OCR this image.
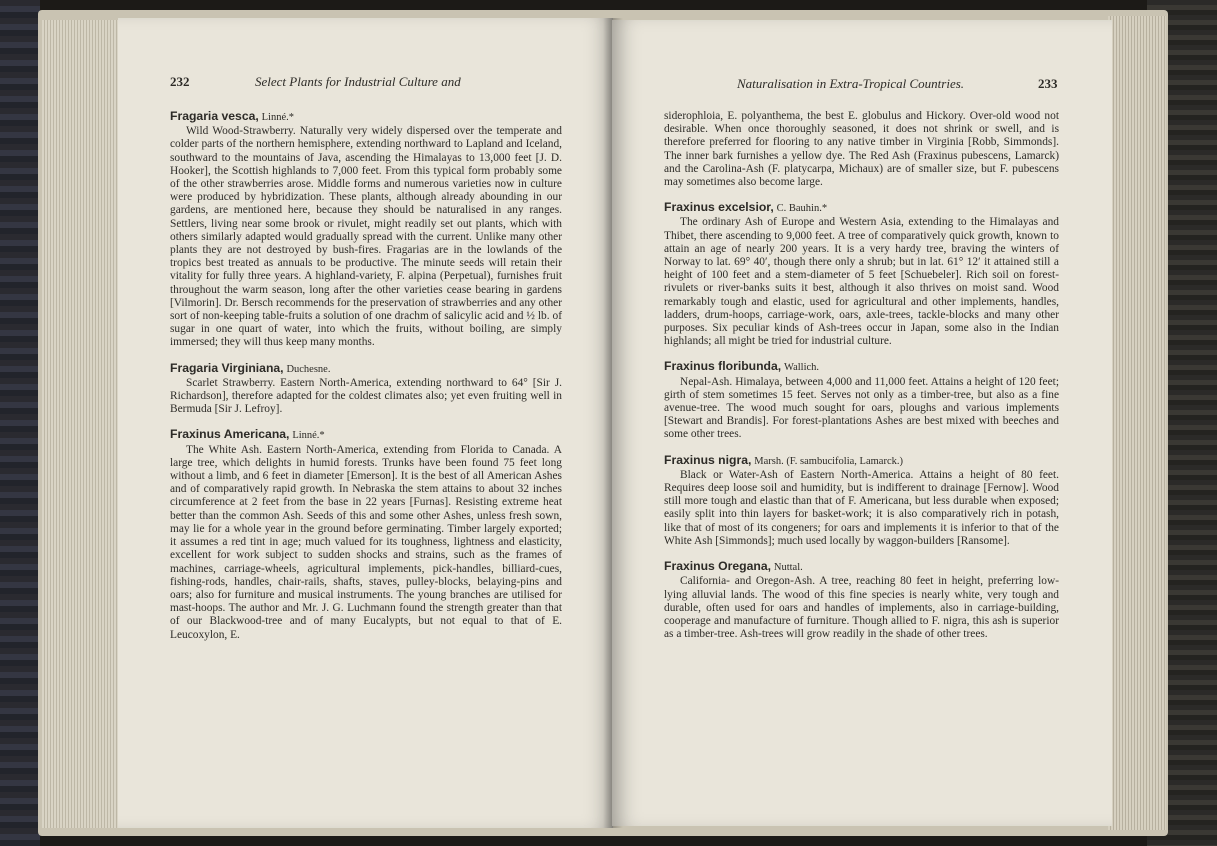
232	Select Plants for Industrial Culture and
Fragaria vesca, Linné.*

Wild Wood-Strawberry. Naturally very widely dispersed over the temperate and colder parts of the northern hemisphere, extending northward to Lapland and Iceland, southward to the mountains of Java, ascending the Himalayas to 13,000 feet [J. D. Hooker], the Scottish highlands to 7,000 feet. From this typical form probably some of the other strawberries arose. Middle forms and numerous varieties now in culture were produced by hybridization. These plants, although already abounding in our gardens, are mentioned here, because they should be naturalised in any ranges. Settlers, living near some brook or rivulet, might readily set out plants, which with others similarly adapted would gradually spread with the current. Unlike many other plants they are not destroyed by bush-fires. Fragarias are in the lowlands of the tropics best treated as annuals to be productive. The minute seeds will retain their vitality for fully three years. A highland-variety, F. alpina (Perpetual), furnishes fruit throughout the warm season, long after the other varieties cease bearing in gardens [Vilmorin]. Dr. Bersch recommends for the preservation of strawberries and any other sort of non-keeping table-fruits a solution of one drachm of salicylic acid and ½ lb. of sugar in one quart of water, into which the fruits, without boiling, are simply immersed; they will thus keep many months.

Fragaria Virginiana, Duchesne.

Scarlet Strawberry. Eastern North-America, extending northward to 64° [Sir J. Richardson], therefore adapted for the coldest climates also; yet even fruiting well in Bermuda [Sir J. Lefroy].

Fraxinus Americana, Linné.*

The White Ash. Eastern North-America, extending from Florida to Canada. A large tree, which delights in humid forests. Trunks have been found 75 feet long without a limb, and 6 feet in diameter [Emerson]. It is the best of all American Ashes and of comparatively rapid growth. In Nebraska the stem attains to about 32 inches circumference at 2 feet from the base in 22 years [Furnas]. Resisting extreme heat better than the common Ash. Seeds of this and some other Ashes, unless fresh sown, may lie for a whole year in the ground before germinating. Timber largely exported; it assumes a red tint in age; much valued for its toughness, lightness and elasticity, excellent for work subject to sudden shocks and strains, such as the frames of machines, carriage-wheels, agricultural implements, pick-handles, billiard-cues, fishing-rods, handles, chair-rails, shafts, staves, pulley-blocks, belaying-pins and oars; also for furniture and musical instruments. The young branches are utilised for mast-hoops. The author and Mr. J. G. Luchmann found the strength greater than that of our Blackwood-tree and of many Eucalypts, but not equal to that of E. Leucoxylon, E.

Naturalisation in Extra-Tropical Countries.	233

siderophloia, E. polyanthema, the best E. globulus and Hickory. Over-old wood not desirable. When once thoroughly seasoned, it does not shrink or swell, and is therefore preferred for flooring to any native timber in Virginia [Robb, Simmonds]. The inner bark furnishes a yellow dye. The Red Ash (Fraxinus pubescens, Lamarck) and the Carolina-Ash (F. platycarpa, Michaux) are of smaller size, but F. pubescens may sometimes also become large.

Fraxinus excelsior, C. Bauhin.*

The ordinary Ash of Europe and Western Asia, extending to the Himalayas and Thibet, there ascending to 9,000 feet. A tree of comparatively quick growth, known to attain an age of nearly 200 years. It is a very hardy tree, braving the winters of Norway to lat. 69° 40′, though there only a shrub; but in lat. 61° 12′ it attained still a height of 100 feet and a stem-diameter of 5 feet [Schuebeler]. Rich soil on forest-rivulets or river-banks suits it best, although it also thrives on moist sand. Wood remarkably tough and elastic, used for agricultural and other implements, handles, ladders, drum-hoops, carriage-work, oars, axle-trees, tackle-blocks and many other purposes. Six peculiar kinds of Ash-trees occur in Japan, some also in the Indian highlands; all might be tried for industrial culture.

Fraxinus floribunda, Wallich.

Nepal-Ash. Himalaya, between 4,000 and 11,000 feet. Attains a height of 120 feet; girth of stem sometimes 15 feet. Serves not only as a timber-tree, but also as a fine avenue-tree. The wood much sought for oars, ploughs and various implements [Stewart and Brandis]. For forest-plantations Ashes are best mixed with beeches and some other trees.

Fraxinus nigra, Marsh. (F. sambucifolia, Lamarck.)

Black or Water-Ash of Eastern North-America. Attains a height of 80 feet. Requires deep loose soil and humidity, but is indifferent to drainage [Fernow]. Wood still more tough and elastic than that of F. Americana, but less durable when exposed; easily split into thin layers for basket-work; it is also comparatively rich in potash, like that of most of its congeners; for oars and implements it is inferior to that of the White Ash [Simmonds]; much used locally by waggon-builders [Ransome].

Fraxinus Oregana, Nuttal.

California- and Oregon-Ash. A tree, reaching 80 feet in height, preferring low-lying alluvial lands. The wood of this fine species is nearly white, very tough and durable, often used for oars and handles of implements, also in carriage-building, cooperage and manufacture of furniture. Though allied to F. nigra, this ash is superior as a timber-tree. Ash-trees will grow readily in the shade of other trees.
